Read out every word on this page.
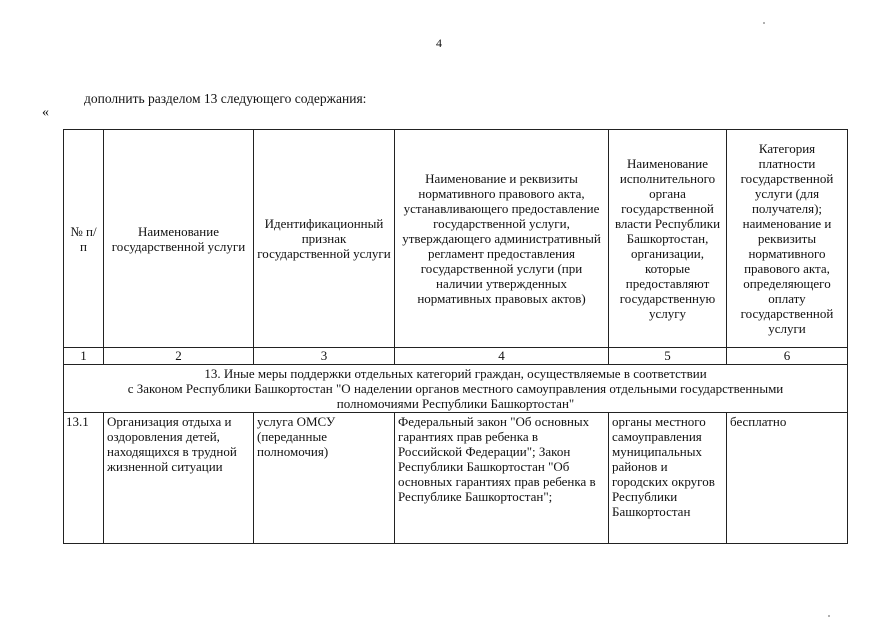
4
дополнить разделом 13 следующего содержания:
«
№ п/п	Наименование государственной услуги	Идентификационный признак государственной услуги	Наименование и реквизиты нормативного правового акта, устанавливающего предоставление государственной услуги, утверждающего административный регламент предоставления государственной услуги (при наличии утвержденных нормативных правовых актов)	Наименование исполнительного органа государственной власти Республики Башкортостан, организации, которые предоставляют государственную услугу	Категория платности государственной услуги (для получателя); наименование и реквизиты нормативного правового акта, определяющего оплату государственной услуги
1	2	3	4	5	6

13. Иные меры поддержки отдельных категорий граждан, осуществляемые в соответствии
с Законом Республики Башкортостан "О наделении органов местного самоуправления отдельными государственными
полномочиями Республики Башкортостан"					

13.1	Организация отдыха и оздоровления детей, находящихся в трудной жизненной ситуации	услуга ОМСУ (переданные полномочия)	Федеральный закон "Об основных гарантиях прав ребенка в Российской Федерации"; Закон Республики Башкортостан "Об основных гарантиях прав ребенка в Республике Башкортостан";	органы местного самоуправления муниципальных районов и городских округов Республики Башкортостан	бесплатно
